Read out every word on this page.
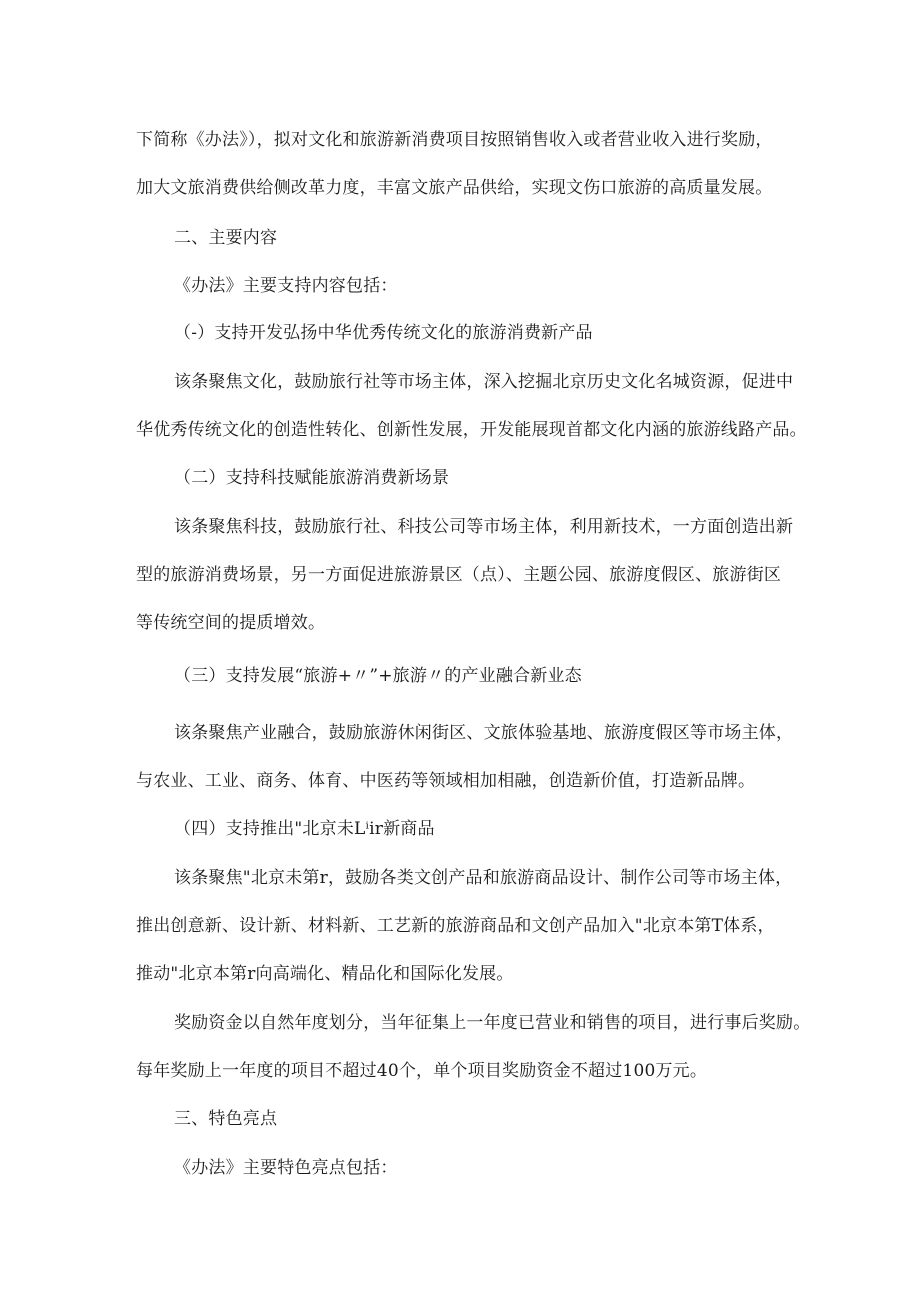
下简称《办法》），拟对文化和旅游新消费项目按照销售收入或者营业收入进行奖励，
加大文旅消费供给侧改革力度，丰富文旅产品供给，实现文伤口旅游的高质量发展。
二、主要内容
《办法》主要支持内容包括：
（-）支持开发弘扬中华优秀传统文化的旅游消费新产品
该条聚焦文化，鼓励旅行社等市场主体，深入挖掘北京历史文化名城资源，促进中
华优秀传统文化的创造性转化、创新性发展，开发能展现首都文化内涵的旅游线路产品。
（二）支持科技赋能旅游消费新场景
该条聚焦科技，鼓励旅行社、科技公司等市场主体，利用新技术，一方面创造出新
型的旅游消费场景，另一方面促进旅游景区（点）、主题公园、旅游度假区、旅游街区
等传统空间的提质增效。
（三）支持发展“旅游+〃”+旅游〃的产业融合新业态
该条聚焦产业融合，鼓励旅游休闲街区、文旅体验基地、旅游度假区等市场主体，
与农业、工业、商务、体育、中医药等领域相加相融，创造新价值，打造新品牌。
（四）支持推出"北京未Lⁱir新商品
该条聚焦"北京未第r，鼓励各类文创产品和旅游商品设计、制作公司等市场主体，
推出创意新、设计新、材料新、工艺新的旅游商品和文创产品加入"北京本第T体系，
推动"北京本第r向高端化、精品化和国际化发展。
奖励资金以自然年度划分，当年征集上一年度已营业和销售的项目，进行事后奖励。
每年奖励上一年度的项目不超过40个，单个项目奖励资金不超过100万元。
三、特色亮点
《办法》主要特色亮点包括：
